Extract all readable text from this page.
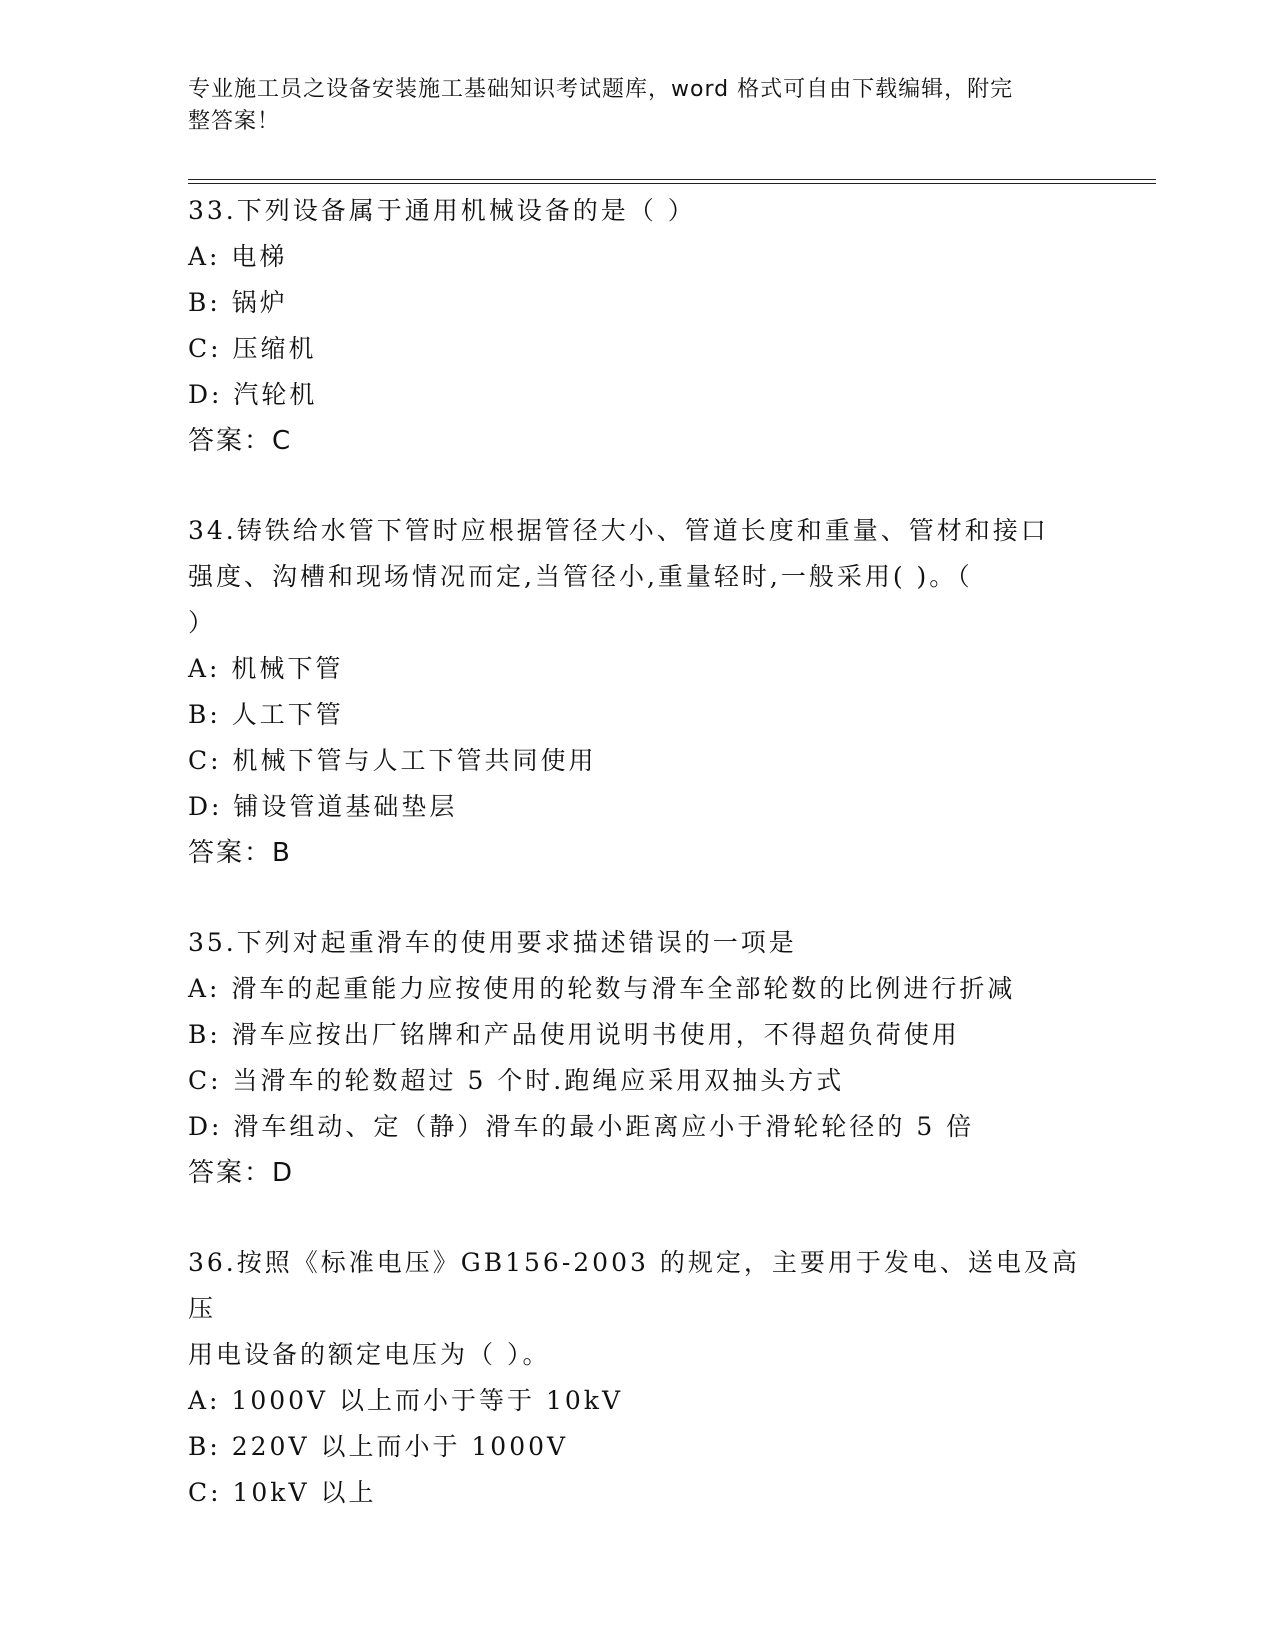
专业施工员之设备安装施工基础知识考试题库，word 格式可自由下载编辑，附完
整答案！
33.下列设备属于通用机械设备的是（ ）
A: 电梯
B: 锅炉
C: 压缩机
D: 汽轮机
答案：C
34.铸铁给水管下管时应根据管径大小、管道长度和重量、管材和接口
强度、沟槽和现场情况而定,当管径小,重量轻时,一般采用( )。（
）
A: 机械下管
B: 人工下管
C: 机械下管与人工下管共同使用
D: 铺设管道基础垫层
答案：B
35.下列对起重滑车的使用要求描述错误的一项是
A: 滑车的起重能力应按使用的轮数与滑车全部轮数的比例进行折减
B: 滑车应按出厂铭牌和产品使用说明书使用，不得超负荷使用
C: 当滑车的轮数超过 5 个时.跑绳应采用双抽头方式
D: 滑车组动、定（静）滑车的最小距离应小于滑轮轮径的 5 倍
答案：D
36.按照《标准电压》GB156-2003 的规定，主要用于发电、送电及高压
用电设备的额定电压为（ ）。
A: 1000V 以上而小于等于 10kV
B: 220V 以上而小于 1000V
C: 10kV 以上
